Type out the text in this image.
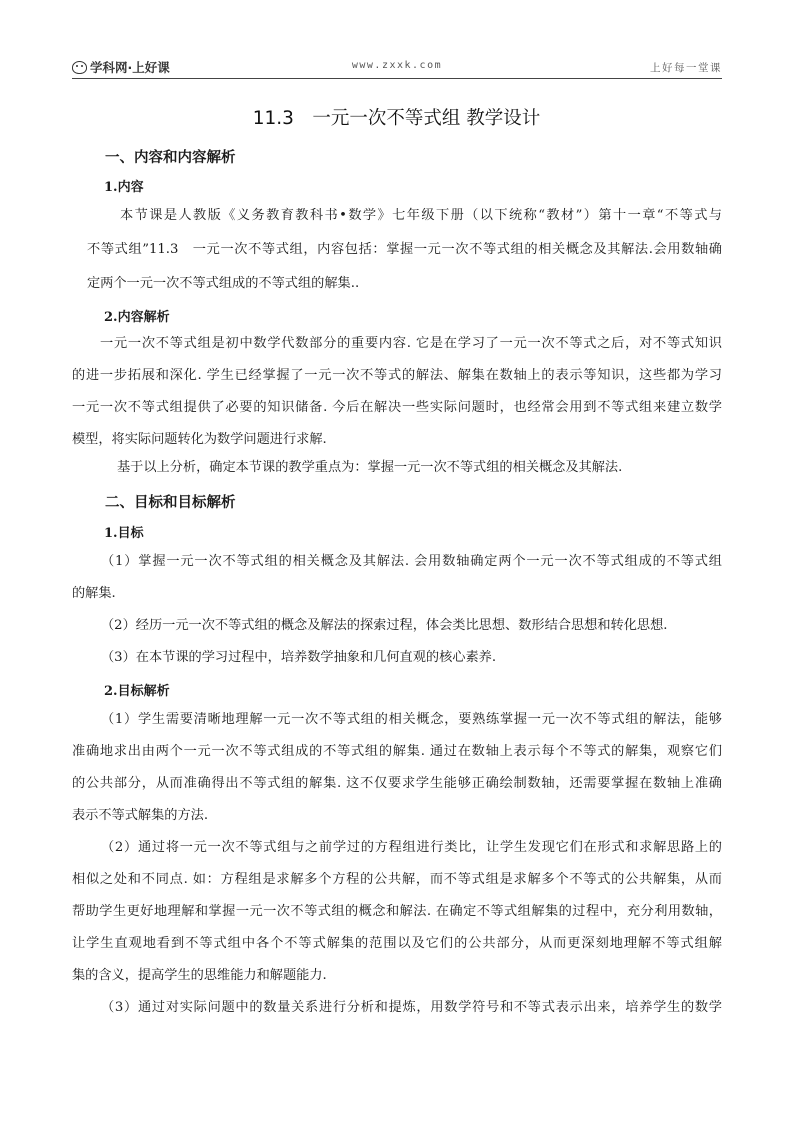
学科网·上好课	www.zxxk.com	上好每一堂课
11.3　一元一次不等式组 教学设计
一、内容和内容解析
1.内容
本节课是人教版《义务教育教科书•数学》七年级下册（以下统称“教材”）第十一章“不等式与
不等式组”11.3　一元一次不等式组，内容包括：掌握一元一次不等式组的相关概念及其解法.会用数轴确
定两个一元一次不等式组成的不等式组的解集..
2.内容解析
一元一次不等式组是初中数学代数部分的重要内容. 它是在学习了一元一次不等式之后，对不等式知识
的进一步拓展和深化. 学生已经掌握了一元一次不等式的解法、解集在数轴上的表示等知识，这些都为学习
一元一次不等式组提供了必要的知识储备. 今后在解决一些实际问题时，也经常会用到不等式组来建立数学
模型，将实际问题转化为数学问题进行求解.
基于以上分析，确定本节课的教学重点为：掌握一元一次不等式组的相关概念及其解法.
二、目标和目标解析
1.目标
（1）掌握一元一次不等式组的相关概念及其解法. 会用数轴确定两个一元一次不等式组成的不等式组
的解集.
（2）经历一元一次不等式组的概念及解法的探索过程，体会类比思想、数形结合思想和转化思想.
（3）在本节课的学习过程中，培养数学抽象和几何直观的核心素养.
2.目标解析
（1）学生需要清晰地理解一元一次不等式组的相关概念，要熟练掌握一元一次不等式组的解法，能够
准确地求出由两个一元一次不等式组成的不等式组的解集. 通过在数轴上表示每个不等式的解集，观察它们
的公共部分，从而准确得出不等式组的解集. 这不仅要求学生能够正确绘制数轴，还需要掌握在数轴上准确
表示不等式解集的方法.
（2）通过将一元一次不等式组与之前学过的方程组进行类比，让学生发现它们在形式和求解思路上的
相似之处和不同点. 如：方程组是求解多个方程的公共解，而不等式组是求解多个不等式的公共解集，从而
帮助学生更好地理解和掌握一元一次不等式组的概念和解法. 在确定不等式组解集的过程中，充分利用数轴，
让学生直观地看到不等式组中各个不等式解集的范围以及它们的公共部分，从而更深刻地理解不等式组解
集的含义，提高学生的思维能力和解题能力.
（3）通过对实际问题中的数量关系进行分析和提炼，用数学符号和不等式表示出来，培养学生的数学
